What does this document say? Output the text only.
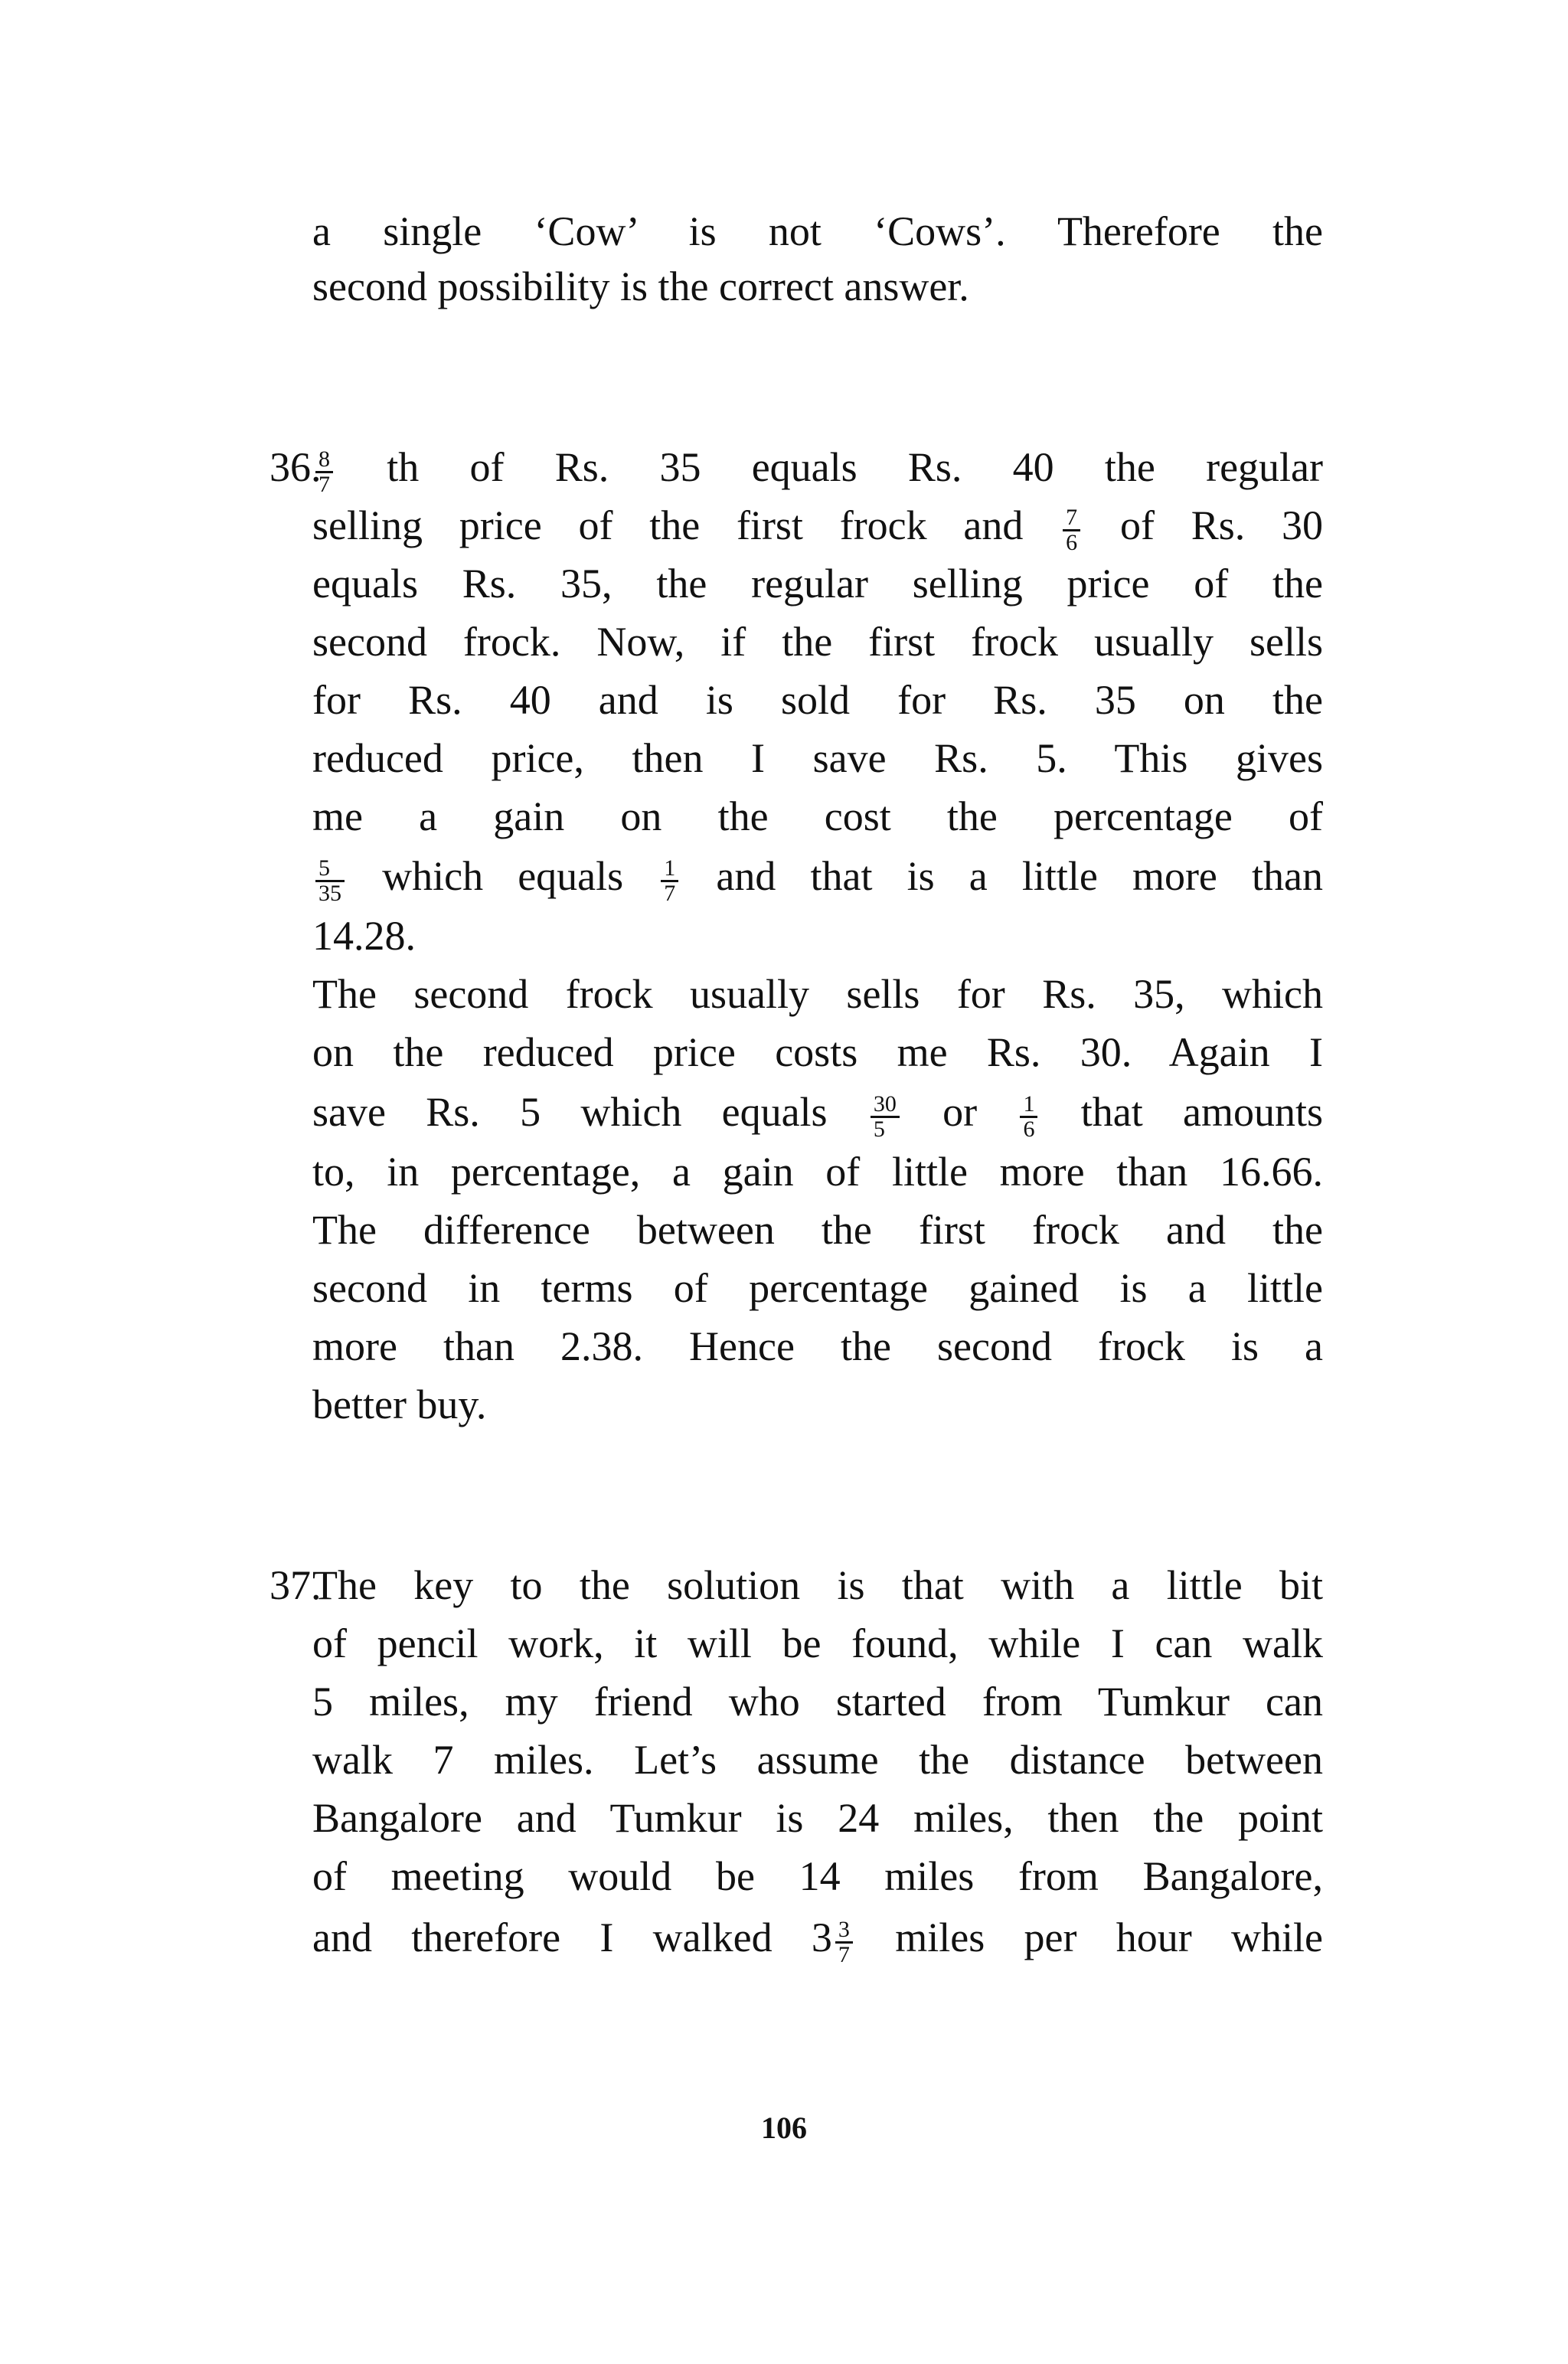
a single ‘Cow’ is not ‘Cows’. Therefore the
second possibility is the correct answer.
36.
$\frac{8}{7}$ th of Rs. 35 equals Rs. 40 the regular
selling price of the first frock and $\frac{7}{6}$ of Rs. 30
equals Rs. 35, the regular selling price of the
second frock. Now, if the first frock usually sells
for Rs. 40 and is sold for Rs. 35 on the
reduced price, then I save Rs. 5. This gives
me a gain on the cost the percentage of
$\frac{5}{35}$ which equals $\frac{1}{7}$ and that is a little more than
14.28.
The second frock usually sells for Rs. 35, which
on the reduced price costs me Rs. 30. Again I
save Rs. 5 which equals $\frac{30}{5}$ or $\frac{1}{6}$ that amounts
to, in percentage, a gain of little more than 16.66.
The difference between the first frock and the
second in terms of percentage gained is a little
more than 2.38. Hence the second frock is a
better buy.
37.
The key to the solution is that with a little bit
of pencil work, it will be found, while I can walk
5 miles, my friend who started from Tumkur can
walk 7 miles. Let’s assume the distance between
Bangalore and Tumkur is 24 miles, then the point
of meeting would be 14 miles from Bangalore,
and therefore I walked $3 \frac{3}{7}$ miles per hour while
106
